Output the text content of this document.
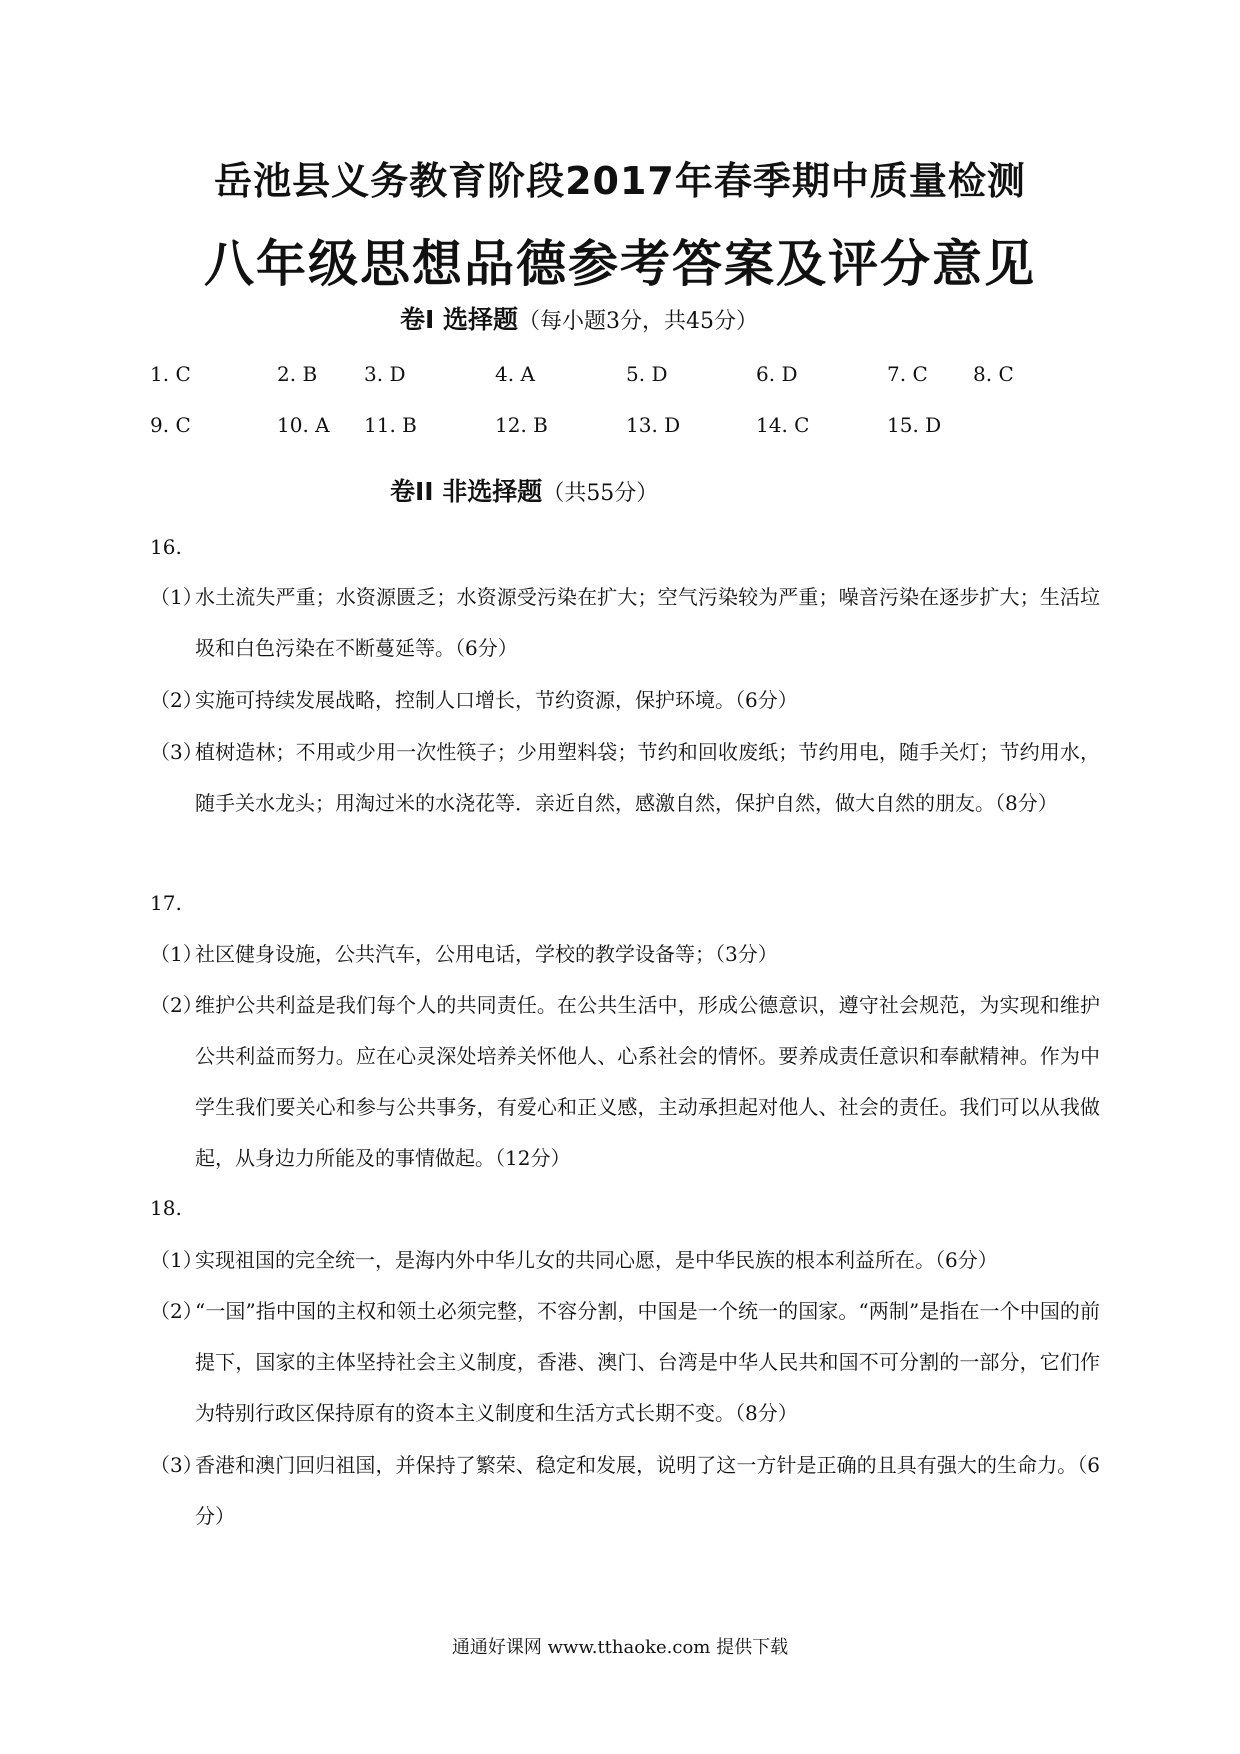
岳池县义务教育阶段2017年春季期中质量检测
八年级思想品德参考答案及评分意见
卷I 选择题（每小题3分，共45分）
1. C	2. B 3. D	4. A	5. D	6. D	7. C 8. C
9. C	10. A 11. B	12. B	13. D	14. C	15. D
卷II 非选择题（共55分）
16.
（1）
水土流失严重；水资源匮乏；水资源受污染在扩大；空气污染较为严重；噪音污染在逐步扩大；生活垃圾和白色污染在不断蔓延等。（6分）
（2）
实施可持续发展战略，控制人口增长，节约资源，保护环境。（6分）
（3）
植树造林；不用或少用一次性筷子；少用塑料袋；节约和回收废纸；节约用电，随手关灯；节约用水，随手关水龙头；用淘过米的水浇花等．亲近自然，感激自然，保护自然，做大自然的朋友。（8分）
17.
（1）
社区健身设施，公共汽车，公用电话，学校的教学设备等；（3分）
（2）
维护公共利益是我们每个人的共同责任。在公共生活中，形成公德意识，遵守社会规范，为实现和维护公共利益而努力。应在心灵深处培养关怀他人、心系社会的情怀。要养成责任意识和奉献精神。作为中学生我们要关心和参与公共事务，有爱心和正义感，主动承担起对他人、社会的责任。我们可以从我做起，从身边力所能及的事情做起。（12分）
18.
（1）
实现祖国的完全统一，是海内外中华儿女的共同心愿，是中华民族的根本利益所在。（6分）
（2）
“一国”指中国的主权和领土必须完整，不容分割，中国是一个统一的国家。“两制”是指在一个中国的前提下，国家的主体坚持社会主义制度，香港、澳门、台湾是中华人民共和国不可分割的一部分，它们作为特别行政区保持原有的资本主义制度和生活方式长期不变。（8分）
（3）
香港和澳门回归祖国，并保持了繁荣、稳定和发展，说明了这一方针是正确的且具有强大的生命力。（6分）
通通好课网 www.tthaoke.com 提供下载
